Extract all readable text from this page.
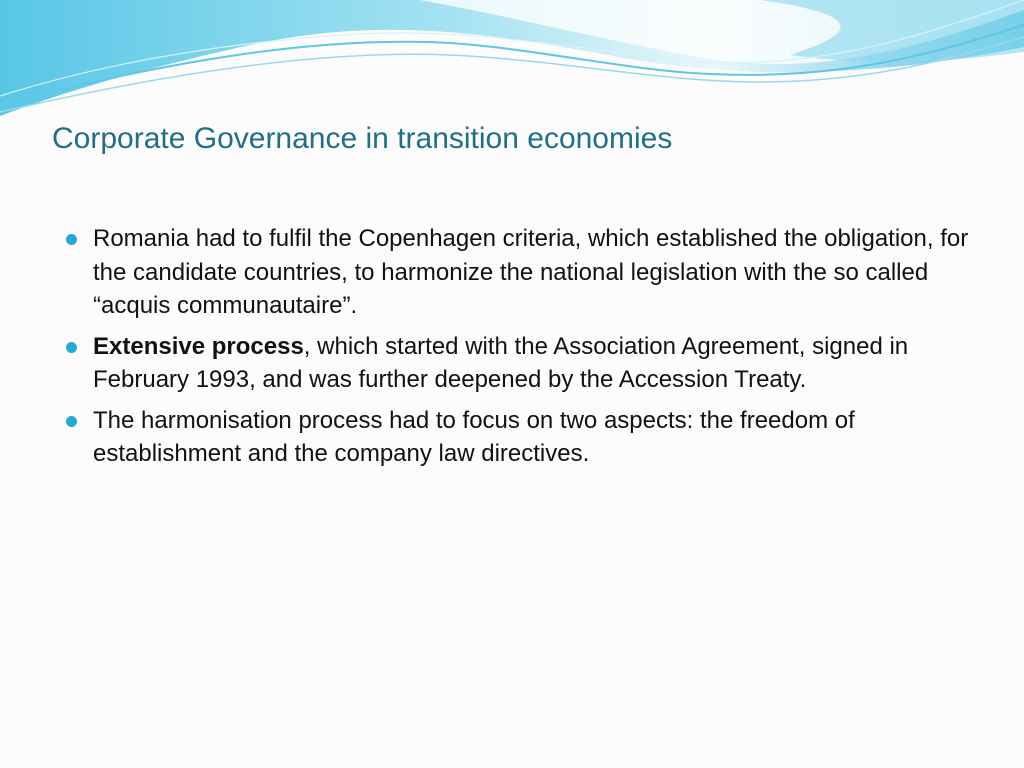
Corporate Governance in transition economies
Romania had to fulfil the Copenhagen criteria, which established the obligation, for the candidate countries, to harmonize the national legislation with the so called “acquis communautaire”.
Extensive process, which started with the Association Agreement, signed in February 1993, and was further deepened by the Accession Treaty.
The harmonisation process had to focus on two aspects: the freedom of establishment and the company law directives.
